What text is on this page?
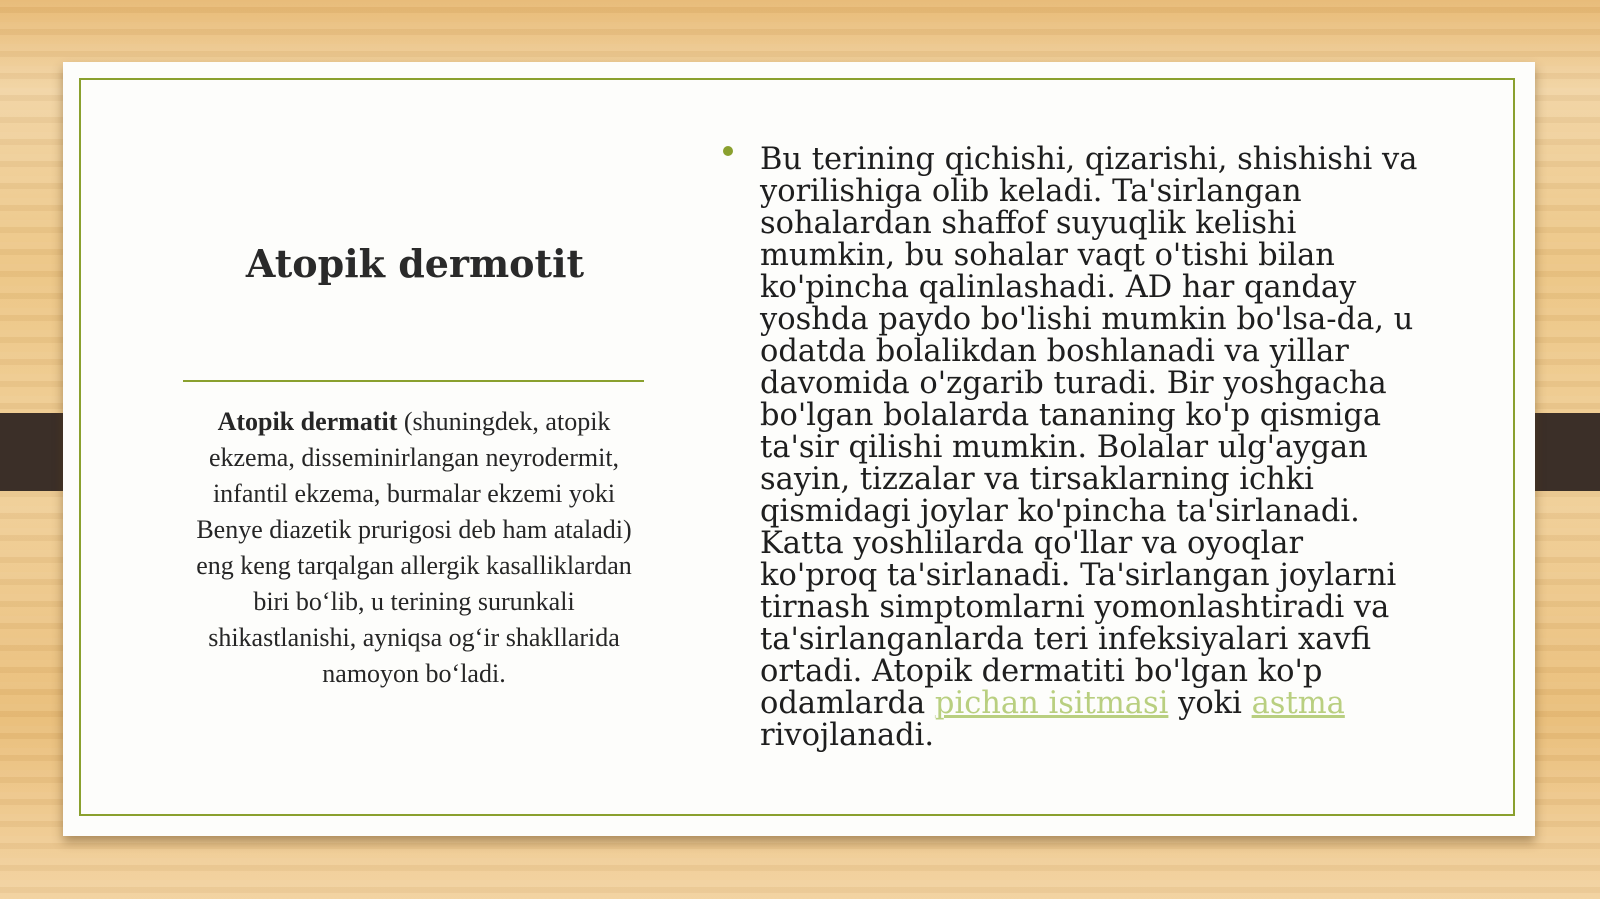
Atopik dermotit

Atopik dermatit (shuningdek, atopik ekzema, disseminirlangan neyrodermit, infantil ekzema, burmalar ekzemi yoki Benye diazetik prurigosi deb ham ataladi) eng keng tarqalgan allergik kasalliklardan biri bo‘lib, u terining surunkali shikastlanishi, ayniqsa og‘ir shakllarida namoyon bo‘ladi.

Bu terining qichishi, qizarishi, shishishi va yorilishiga olib keladi. Ta'sirlangan sohalardan shaffof suyuqlik kelishi mumkin, bu sohalar vaqt o'tishi bilan ko'pincha qalinlashadi. AD har qanday yoshda paydo bo'lishi mumkin bo'lsa-da, u odatda bolalikdan boshlanadi va yillar davomida o'zgarib turadi. Bir yoshgacha bo'lgan bolalarda tananing ko'p qismiga ta'sir qilishi mumkin. Bolalar ulg'aygan sayin, tizzalar va tirsaklarning ichki qismidagi joylar ko'pincha ta'sirlanadi. Katta yoshlilarda qo'llar va oyoqlar ko'proq ta'sirlanadi. Ta'sirlangan joylarni tirnash simptomlarni yomonlashtiradi va ta'sirlanganlarda teri infeksiyalari xavfi ortadi. Atopik dermatiti bo'lgan ko'p odamlarda pichan isitmasi yoki astma rivojlanadi.
